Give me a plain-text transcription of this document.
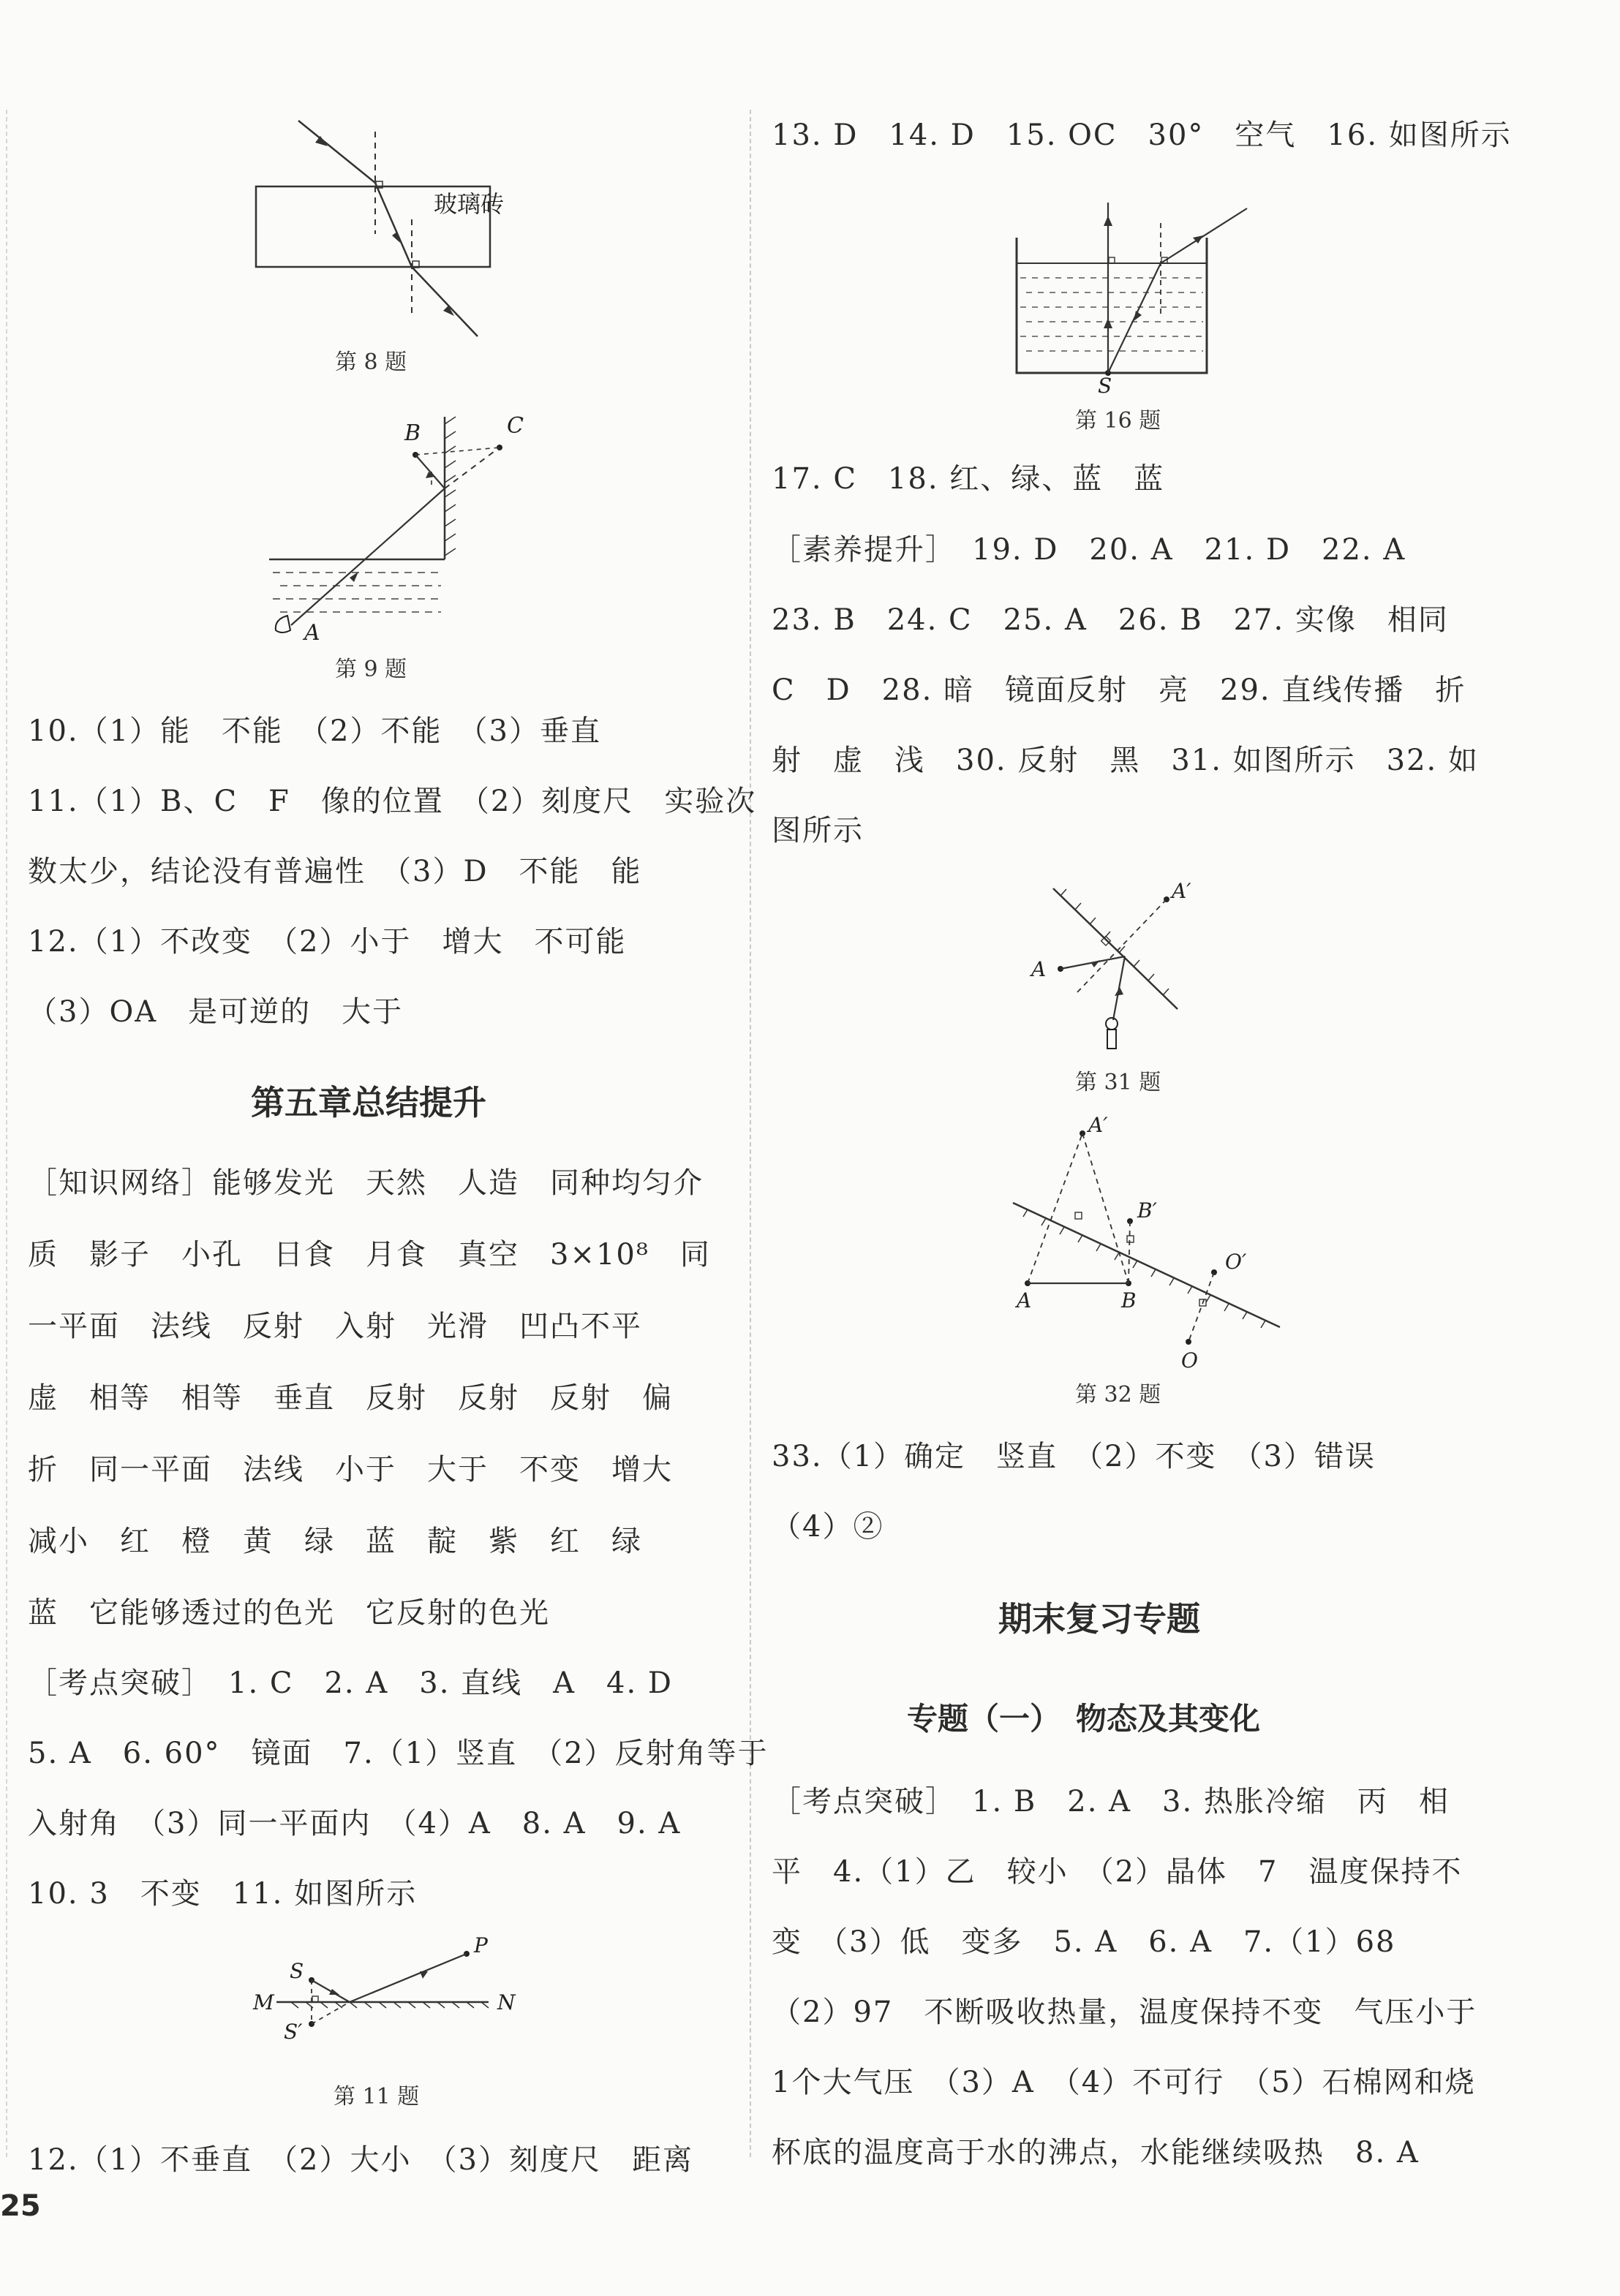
玻璃砖
第 8 题
B	C
A
第 9 题
10.（1）能　不能　（2）不能　（3）垂直
11.（1）B、C　F　像的位置　（2）刻度尺　实验次
数太少，结论没有普遍性　（3）D　不能　能
12.（1）不改变　（2）小于　增大　不可能
（3）OA　是可逆的　大于
第五章总结提升
［知识网络］能够发光　天然　人造　同种均匀介
质　影子　小孔　日食　月食　真空　3×10⁸　同
一平面　法线　反射　入射　光滑　凹凸不平
虚　相等　相等　垂直　反射　反射　反射　偏
折　同一平面　法线　小于　大于　不变　增大
减小　红　橙　黄　绿　蓝　靛　紫　红　绿
蓝　它能够透过的色光　它反射的色光
［考点突破］　1. C　2. A　3. 直线　A　4. D
5. A　6. 60°　镜面　7.（1）竖直　（2）反射角等于
入射角　（3）同一平面内　（4）A　8. A　9. A
10. 3　不变　11. 如图所示
S
P
M	N
S′
第 11 题
12.（1）不垂直　（2）大小　（3）刻度尺　距离
25
13. D　14. D　15. OC　30°　空气　16. 如图所示
S
第 16 题
17. C　18. 红、绿、蓝　蓝
［素养提升］　19. D　20. A　21. D　22. A
23. B　24. C　25. A　26. B　27. 实像　相同
C　D　28. 暗　镜面反射　亮　29. 直线传播　折
射　虚　浅　30. 反射　黑　31. 如图所示　32. 如
图所示
A
A′
第 31 题
A′
B′
A	B
O′
O
第 32 题
33.（1）确定　竖直　（2）不变　（3）错误
（4）②
期末复习专题
专题（一）　物态及其变化
［考点突破］　1. B　2. A　3. 热胀冷缩　丙　相
平　4.（1）乙　较小　（2）晶体　7　温度保持不
变　（3）低　变多　5. A　6. A　7.（1）68
（2）97　不断吸收热量，温度保持不变　气压小于
1个大气压　（3）A　（4）不可行　（5）石棉网和烧
杯底的温度高于水的沸点，水能继续吸热　8. A
